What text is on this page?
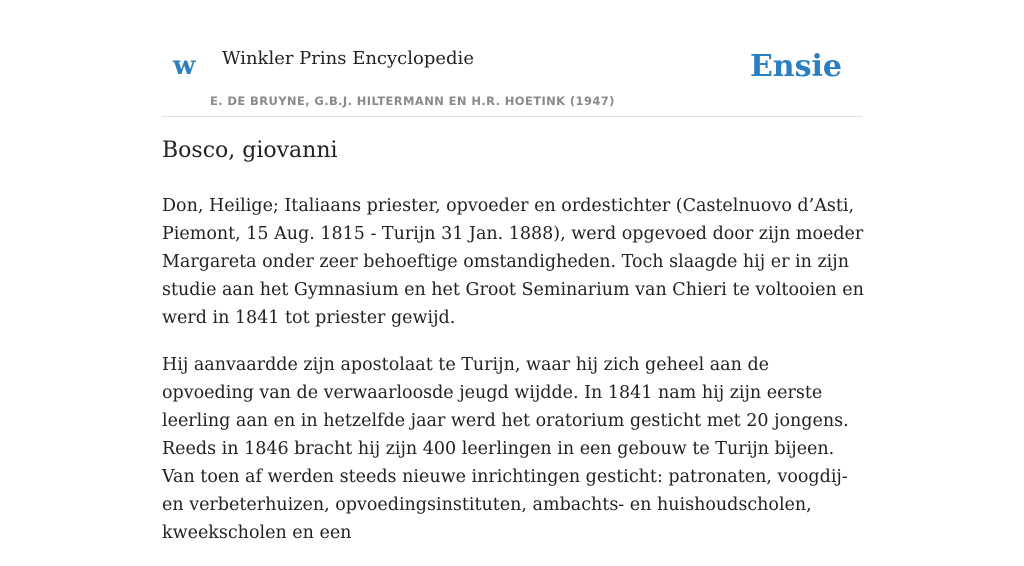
w Winkler Prins Encyclopedie
E. DE BRUYNE, G.B.J. HILTERMANN EN H.R. HOETINK (1947)
Ensie
Bosco, giovanni

Don, Heilige; Italiaans priester, opvoeder en ordestichter (Castelnuovo d’Asti, Piemont, 15 Aug. 1815 - Turijn 31 Jan. 1888), werd opgevoed door zijn moeder Margareta onder zeer behoeftige omstandigheden. Toch slaagde hij er in zijn studie aan het Gymnasium en het Groot Seminarium van Chieri te voltooien en werd in 1841 tot priester gewijd.

Hij aanvaardde zijn apostolaat te Turijn, waar hij zich geheel aan de opvoeding van de verwaarloosde jeugd wijdde. In 1841 nam hij zijn eerste leerling aan en in hetzelfde jaar werd het oratorium gesticht met 20 jongens. Reeds in 1846 bracht hij zijn 400 leerlingen in een gebouw te Turijn bijeen. Van toen af werden steeds nieuwe inrichtingen gesticht: patronaten, voogdij- en verbeterhuizen, opvoedingsinstituten, ambachts- en huishoudscholen, kweekscholen en een
